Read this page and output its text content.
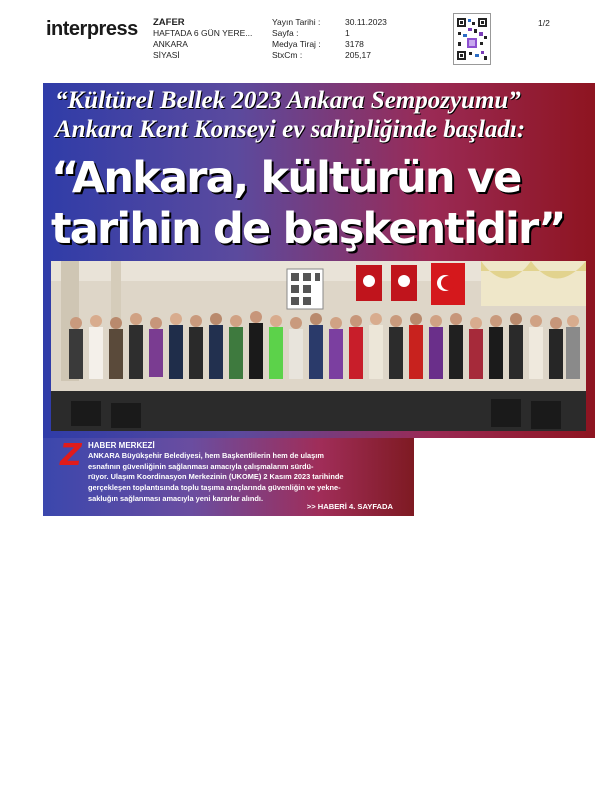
interpress ZAFER
HAFTADA 6 GÜN YERE...
ANKARA
SİYASİ
Yayın Tarihi :
Sayfa :
Medya Tiraj :
StxCm :
30.11.2023
1
3178
205,17
1/2
“Kültürel Bellek 2023 Ankara Sempozyumu”
Ankara Kent Konseyi ev sahipliğinde başladı:
“Ankara, kültürün ve
tarihin de başkentidir”
Z HABER MERKEZİ
ANKARA Büyükşehir Belediyesi, hem Başkentlilerin hem de ulaşım
esnafının güvenliğinin sağlanması amacıyla çalışmalarını sürdü-
rüyor. Ulaşım Koordinasyon Merkezinin (UKOME) 2 Kasım 2023 tarihinde
gerçekleşen toplantısında toplu taşıma araçlarında güvenliğin ve yekne-
sakluğın sağlanması amacıyla yeni kararlar alındı.
>> HABERİ 4. SAYFADA
